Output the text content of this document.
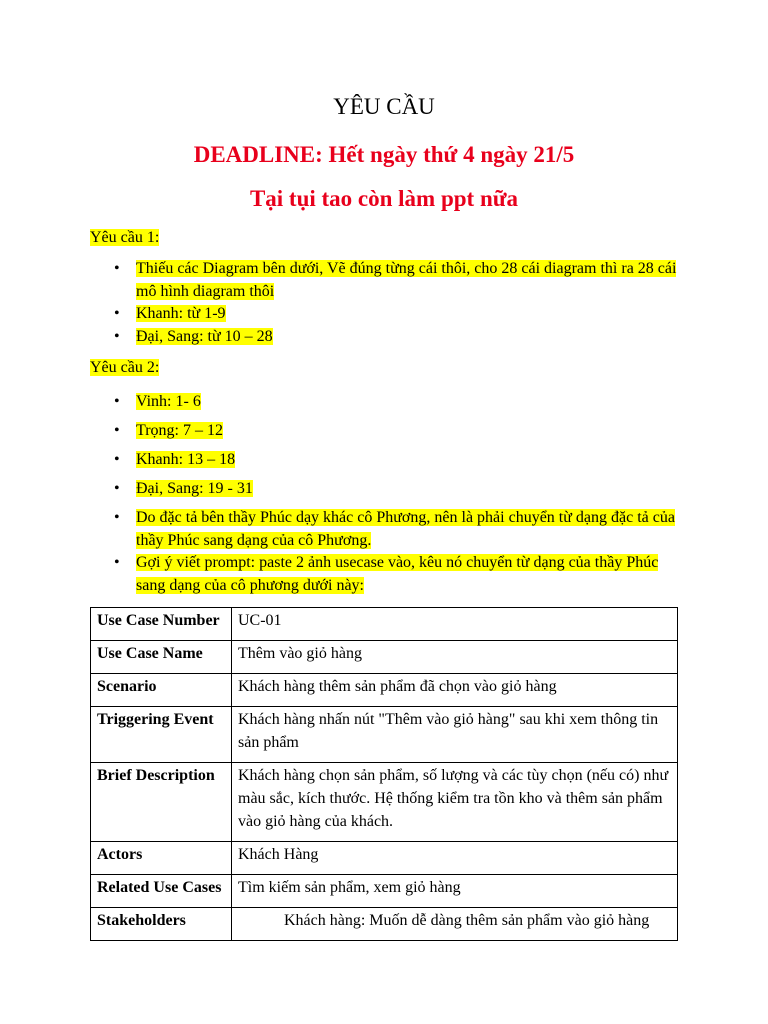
YÊU CẦU
DEADLINE: Hết ngày thứ 4 ngày 21/5
Tại tụi tao còn làm ppt nữa
Yêu cầu 1:
• Thiếu các Diagram bên dưới, Vẽ đúng từng cái thôi, cho 28 cái diagram thì ra 28 cái mô hình diagram thôi
• Khanh: từ 1-9
• Đại, Sang: từ 10 – 28
Yêu cầu 2:
• Vinh: 1- 6
• Trọng: 7 – 12
• Khanh: 13 – 18
• Đại, Sang: 19 - 31
• Do đặc tả bên thầy Phúc dạy khác cô Phương, nên là phải chuyển từ dạng đặc tả của thầy Phúc sang dạng của cô Phương.
• Gợi ý viết prompt: paste 2 ảnh usecase vào, kêu nó chuyển từ dạng của thầy Phúc sang dạng của cô phương dưới này:
Use Case Number	UC-01
Use Case Name	Thêm vào giỏ hàng
Scenario	Khách hàng thêm sản phẩm đã chọn vào giỏ hàng
Triggering Event	Khách hàng nhấn nút "Thêm vào giỏ hàng" sau khi xem thông tin sản phẩm
Brief Description	Khách hàng chọn sản phẩm, số lượng và các tùy chọn (nếu có) như màu sắc, kích thước. Hệ thống kiểm tra tồn kho và thêm sản phẩm vào giỏ hàng của khách.
Actors	Khách Hàng
Related Use Cases	Tìm kiếm sản phẩm, xem giỏ hàng
Stakeholders	Khách hàng: Muốn dễ dàng thêm sản phẩm vào giỏ hàng
